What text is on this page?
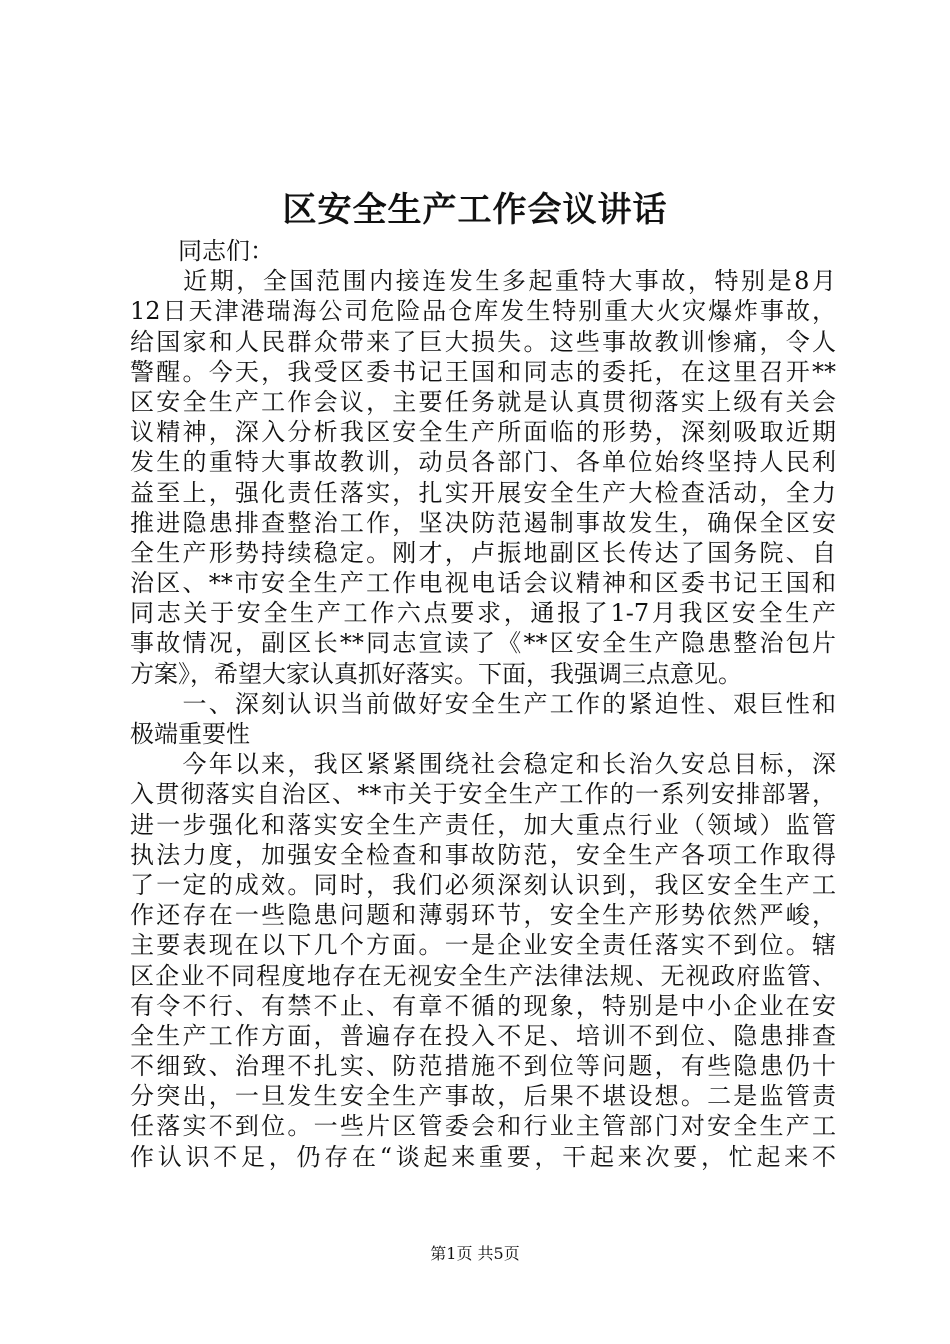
区安全生产工作会议讲话
　　同志们：
　　近期，全国范围内接连发生多起重特大事故，特别是8月
12日天津港瑞海公司危险品仓库发生特别重大火灾爆炸事故，
给国家和人民群众带来了巨大损失。这些事故教训惨痛，令人
警醒。今天，我受区委书记王国和同志的委托，在这里召开**
区安全生产工作会议，主要任务就是认真贯彻落实上级有关会
议精神，深入分析我区安全生产所面临的形势，深刻吸取近期
发生的重特大事故教训，动员各部门、各单位始终坚持人民利
益至上，强化责任落实，扎实开展安全生产大检查活动，全力
推进隐患排查整治工作，坚决防范遏制事故发生，确保全区安
全生产形势持续稳定。刚才，卢振地副区长传达了国务院、自
治区、**市安全生产工作电视电话会议精神和区委书记王国和
同志关于安全生产工作六点要求，通报了1-7月我区安全生产
事故情况，副区长**同志宣读了《**区安全生产隐患整治包片
方案》，希望大家认真抓好落实。下面，我强调三点意见。
　　一、深刻认识当前做好安全生产工作的紧迫性、艰巨性和
极端重要性
　　今年以来，我区紧紧围绕社会稳定和长治久安总目标，深
入贯彻落实自治区、**市关于安全生产工作的一系列安排部署，
进一步强化和落实安全生产责任，加大重点行业（领域）监管
执法力度，加强安全检查和事故防范，安全生产各项工作取得
了一定的成效。同时，我们必须深刻认识到，我区安全生产工
作还存在一些隐患问题和薄弱环节，安全生产形势依然严峻，
主要表现在以下几个方面。一是企业安全责任落实不到位。辖
区企业不同程度地存在无视安全生产法律法规、无视政府监管、
有令不行、有禁不止、有章不循的现象，特别是中小企业在安
全生产工作方面，普遍存在投入不足、培训不到位、隐患排查
不细致、治理不扎实、防范措施不到位等问题，有些隐患仍十
分突出，一旦发生安全生产事故，后果不堪设想。二是监管责
任落实不到位。一些片区管委会和行业主管部门对安全生产工
作认识不足，仍存在“谈起来重要，干起来次要，忙起来不

第1页 共5页
